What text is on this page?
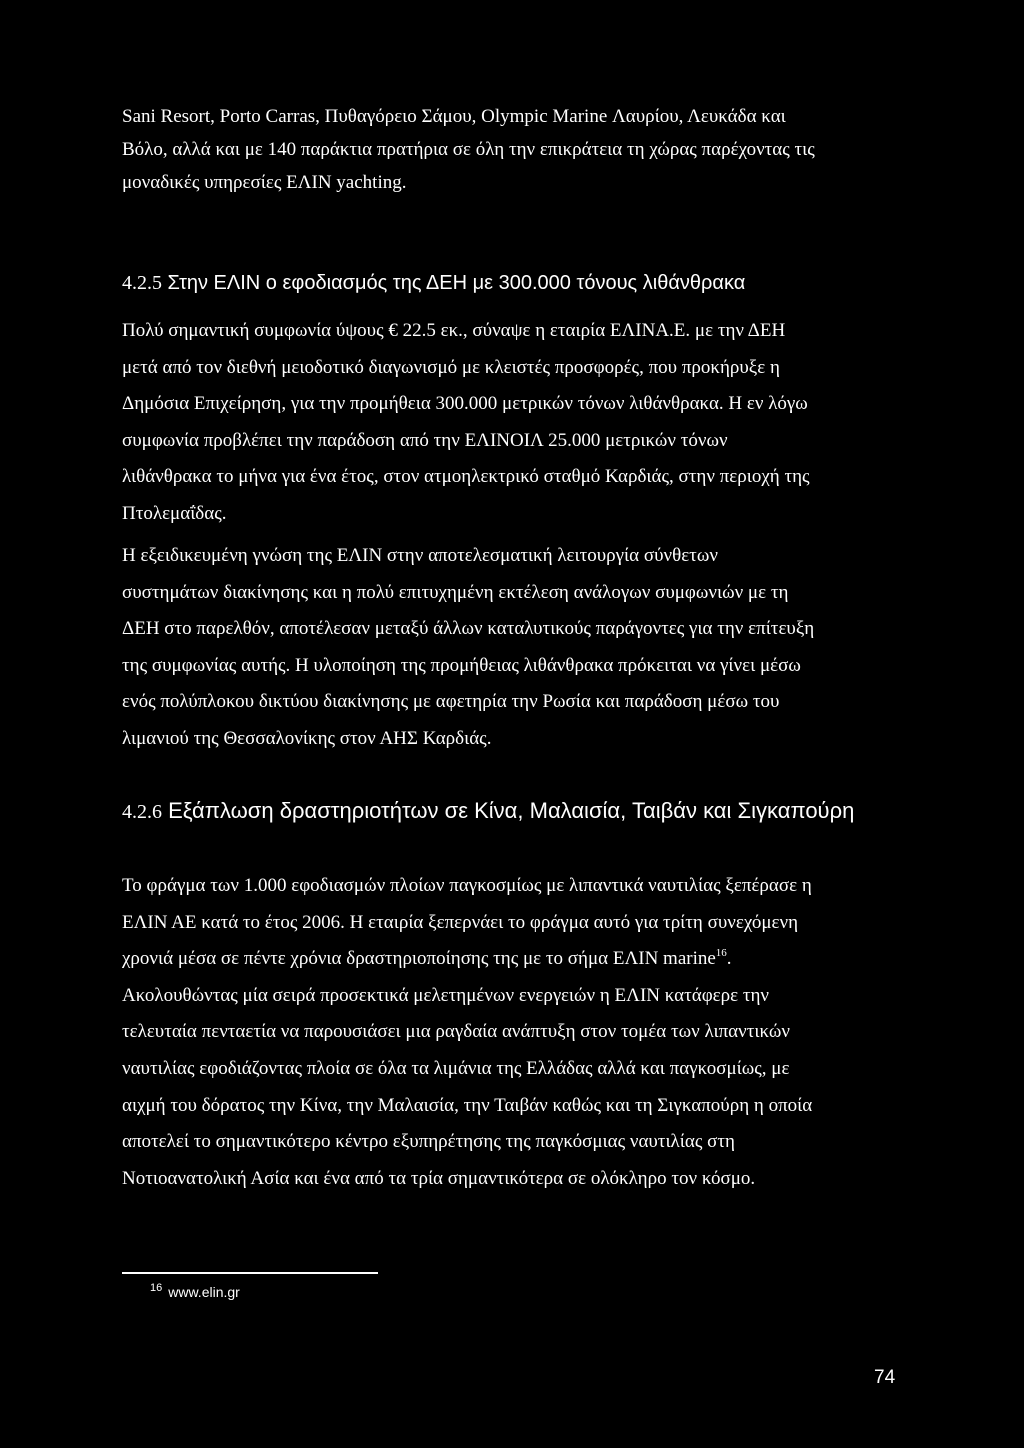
Sani Resort, Porto Carras, Πυθαγόρειο Σάμου, Olympic Marine Λαυρίου, Λευκάδα και
Βόλο, αλλά και με 140 παράκτια πρατήρια σε όλη την επικράτεια τη χώρας παρέχοντας τις
μοναδικές υπηρεσίες ΕΛΙΝ yachting.

4.2.5 Στην ΕΛΙΝ ο εφοδιασμός της ΔΕΗ με 300.000 τόνους λιθάνθρακα

Πολύ σημαντική συμφωνία ύψους € 22.5 εκ., σύναψε η εταιρία ΕΛΙΝΑ.Ε. με την ΔΕΗ
μετά από τον διεθνή μειοδοτικό διαγωνισμό με κλειστές προσφορές, που προκήρυξε η
Δημόσια Επιχείρηση, για την προμήθεια 300.000 μετρικών τόνων λιθάνθρακα. Η εν λόγω
συμφωνία προβλέπει την παράδοση από την ΕΛΙΝΟΙΛ 25.000 μετρικών τόνων
λιθάνθρακα το μήνα για ένα έτος, στον ατμοηλεκτρικό σταθμό Καρδιάς, στην περιοχή της
Πτολεμαΐδας.

Η εξειδικευμένη γνώση της ΕΛΙΝ στην αποτελεσματική λειτουργία σύνθετων
συστημάτων διακίνησης και η πολύ επιτυχημένη εκτέλεση ανάλογων συμφωνιών με τη
ΔΕΗ στο παρελθόν, αποτέλεσαν μεταξύ άλλων καταλυτικούς παράγοντες για την επίτευξη
της συμφωνίας αυτής. Η υλοποίηση της προμήθειας λιθάνθρακα πρόκειται να γίνει μέσω
ενός πολύπλοκου δικτύου διακίνησης με αφετηρία την Ρωσία και παράδοση μέσω του
λιμανιού της Θεσσαλονίκης στον ΑΗΣ Καρδιάς.

4.2.6 Εξάπλωση δραστηριοτήτων σε Κίνα, Μαλαισία, Ταιβάν και Σιγκαπούρη

Το φράγμα των 1.000 εφοδιασμών πλοίων παγκοσμίως με λιπαντικά ναυτιλίας ξεπέρασε η
ΕΛΙΝ ΑΕ κατά το έτος 2006. Η εταιρία ξεπερνάει το φράγμα αυτό για τρίτη συνεχόμενη
χρονιά μέσα σε πέντε χρόνια δραστηριοποίησης της με το σήμα ΕΛΙΝ marine$^{16}$.
Ακολουθώντας μία σειρά προσεκτικά μελετημένων ενεργειών η ΕΛΙΝ κατάφερε την
τελευταία πενταετία να παρουσιάσει μια ραγδαία ανάπτυξη στον τομέα των λιπαντικών
ναυτιλίας εφοδιάζοντας πλοία σε όλα τα λιμάνια της Ελλάδας αλλά και παγκοσμίως, με
αιχμή του δόρατος την Κίνα, την Μαλαισία, την Ταιβάν καθώς και τη Σιγκαπούρη η οποία
αποτελεί το σημαντικότερο κέντρο εξυπηρέτησης της παγκόσμιας ναυτιλίας στη
Νοτιοανατολική Ασία και ένα από τα τρία σημαντικότερα σε ολόκληρο τον κόσμο.

$^{16}$ www.elin.gr
74
